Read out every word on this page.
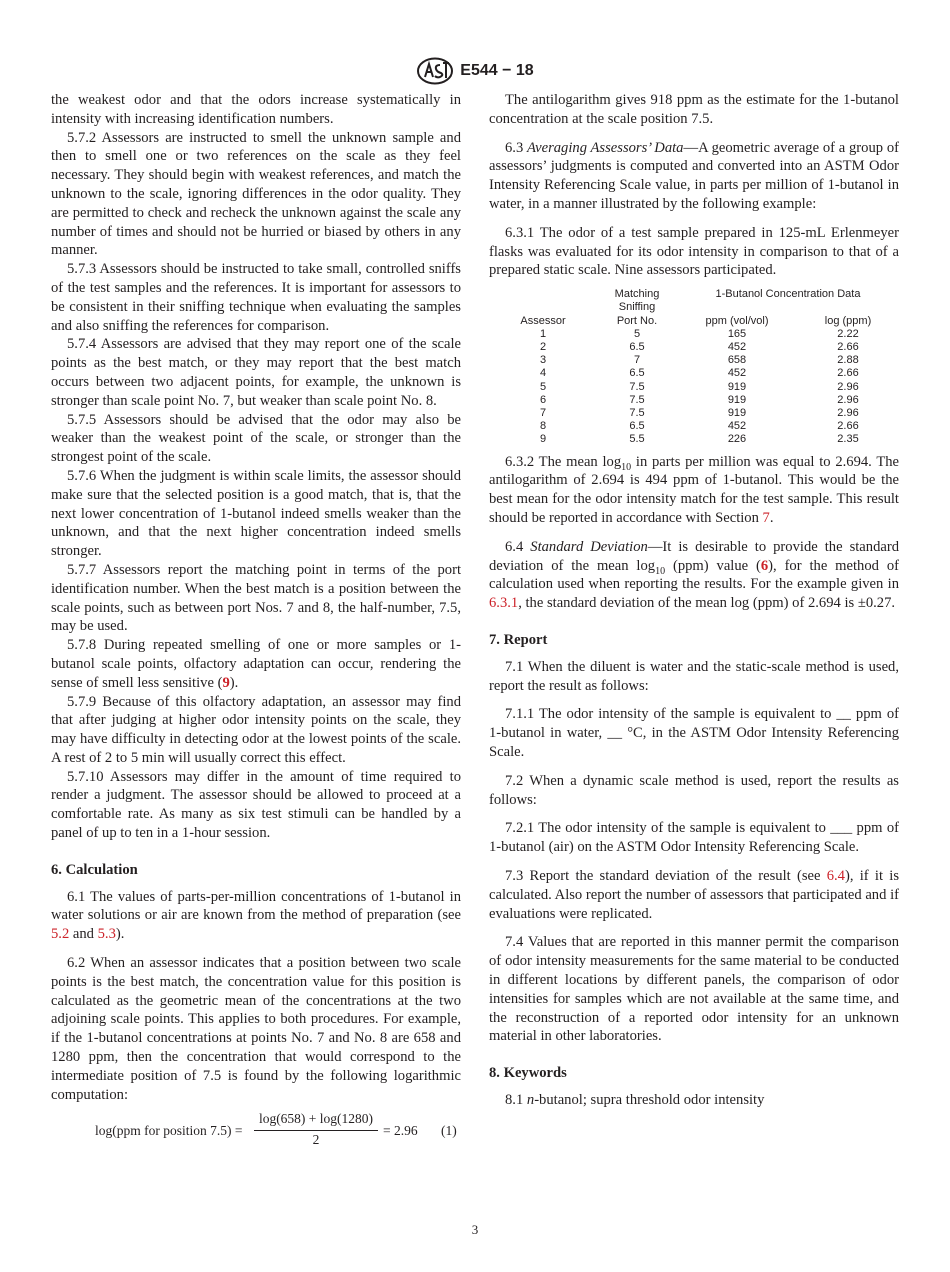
E544 − 18

the weakest odor and that the odors increase systematically in intensity with increasing identification numbers.

5.7.2 Assessors are instructed to smell the unknown sample and then to smell one or two references on the scale as they feel necessary. They should begin with weakest references, and match the unknown to the scale, ignoring differences in the odor quality. They are permitted to check and recheck the unknown against the scale any number of times and should not be hurried or biased by others in any manner.

5.7.3 Assessors should be instructed to take small, controlled sniffs of the test samples and the references. It is important for assessors to be consistent in their sniffing technique when evaluating the samples and also sniffing the references for comparison.

5.7.4 Assessors are advised that they may report one of the scale points as the best match, or they may report that the best match occurs between two adjacent points, for example, the unknown is stronger than scale point No. 7, but weaker than scale point No. 8.

5.7.5 Assessors should be advised that the odor may also be weaker than the weakest point of the scale, or stronger than the strongest point of the scale.

5.7.6 When the judgment is within scale limits, the assessor should make sure that the selected position is a good match, that is, that the next lower concentration of 1-butanol indeed smells weaker than the unknown, and that the next higher concentration indeed smells stronger.

5.7.7 Assessors report the matching point in terms of the port identification number. When the best match is a position between the scale points, such as between port Nos. 7 and 8, the half-number, 7.5, may be used.

5.7.8 During repeated smelling of one or more samples or 1-butanol scale points, olfactory adaptation can occur, rendering the sense of smell less sensitive (9).

5.7.9 Because of this olfactory adaptation, an assessor may find that after judging at higher odor intensity points on the scale, they may have difficulty in detecting odor at the lowest points of the scale. A rest of 2 to 5 min will usually correct this effect.

5.7.10 Assessors may differ in the amount of time required to render a judgment. The assessor should be allowed to proceed at a comfortable rate. As many as six test stimuli can be handled by a panel of up to ten in a 1-hour session.

6. Calculation

6.1 The values of parts-per-million concentrations of 1-butanol in water solutions or air are known from the method of preparation (see 5.2 and 5.3).

6.2 When an assessor indicates that a position between two scale points is the best match, the concentration value for this position is calculated as the geometric mean of the concentrations at the two adjoining scale points. This applies to both procedures. For example, if the 1-butanol concentrations at points No. 7 and No. 8 are 658 and 1280 ppm, then the concentration that would correspond to the intermediate position of 7.5 is found by the following logarithmic computation:

log(ppm for position $7.5) = \frac{\log(658) + \log(1280)}{2} = 2.96$ (1)

The antilogarithm gives 918 ppm as the estimate for the 1-butanol concentration at the scale position 7.5.

6.3 Averaging Assessors’ Data—A geometric average of a group of assessors’ judgments is computed and converted into an ASTM Odor Intensity Referencing Scale value, in parts per million of 1-butanol in water, in a manner illustrated by the following example:

6.3.1 The odor of a test sample prepared in 125-mL Erlenmeyer flasks was evaluated for its odor intensity in comparison to that of a prepared static scale. Nine assessors participated.

	Matching	1-Butanol Concentration Data	
	Sniffing		
Assessor	Port No.	ppm (vol/vol)	log (ppm)
1	5	165	2.22
2	6.5	452	2.66
3	7	658	2.88
4	6.5	452	2.66
5	7.5	919	2.96
6	7.5	919	2.96
7	7.5	919	2.96
8	6.5	452	2.66
9	5.5	226	2.35

6.3.2 The mean $\log_{10}$ in parts per million was equal to 2.694. The antilogarithm of 2.694 is 494 ppm of 1-butanol. This would be the best mean for the odor intensity match for the test sample. This result should be reported in accordance with Section 7.

6.4 Standard Deviation—It is desirable to provide the standard deviation of the mean $\log_{10} (ppm)$ value (6), for the method of calculation used when reporting the results. For the example given in 6.3.1, the standard deviation of the mean log (ppm) of 2.694 is ±0.27.

7. Report

7.1 When the diluent is water and the static-scale method is used, report the result as follows:

7.1.1 The odor intensity of the sample is equivalent to __ ppm of 1-butanol in water, __ °C, in the ASTM Odor Intensity Referencing Scale.

7.2 When a dynamic scale method is used, report the results as follows:

7.2.1 The odor intensity of the sample is equivalent to ___ ppm of 1-butanol (air) on the ASTM Odor Intensity Referencing Scale.

7.3 Report the standard deviation of the result (see 6.4), if it is calculated. Also report the number of assessors that participated and if evaluations were replicated.

7.4 Values that are reported in this manner permit the comparison of odor intensity measurements for the same material to be conducted in different locations by different panels, the comparison of odor intensities for samples which are not available at the same time, and the reconstruction of a reported odor intensity for an unknown material in other laboratories.

8. Keywords

8.1 n-butanol; supra threshold odor intensity

3
